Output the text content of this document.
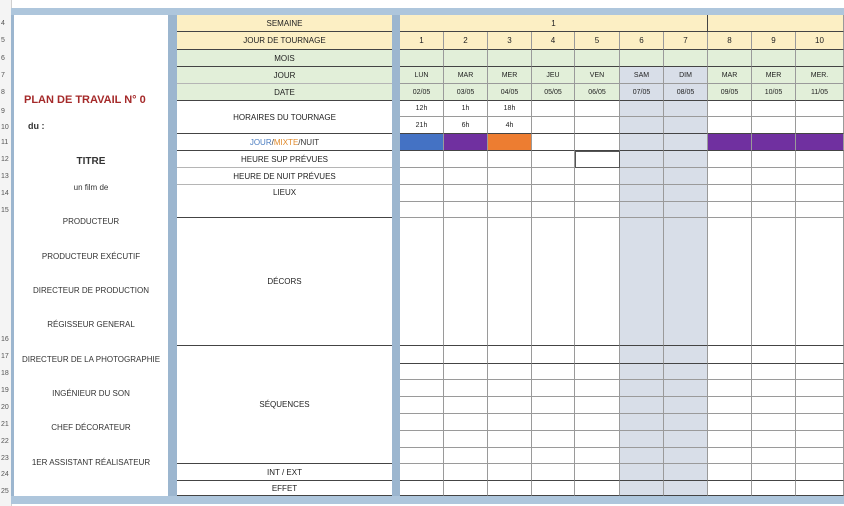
4
5
6
7
8
9
10
11
12
13
14
15
16
17
18
19
20
21
22
23
24
25
PLAN DE TRAVAIL N° 0
du :
TITRE
un film de
PRODUCTEUR
PRODUCTEUR EXÉCUTIF
DIRECTEUR DE PRODUCTION
RÉGISSEUR GENERAL
DIRECTEUR DE LA PHOTOGRAPHIE
INGÉNIEUR DU SON
CHEF DÉCORATEUR
1ER ASSISTANT RÉALISATEUR
SEMAINE
JOUR DE TOURNAGE
MOIS
JOUR
DATE
HORAIRES DU TOURNAGE
JOUR / MIXTE / NUIT
HEURE SUP PRÉVUES
HEURE DE NUIT PRÉVUES
LIEUX
DÉCORS
SÉQUENCES
INT / EXT
EFFET
1
1
LUN
02/05
12h
21h
2
MAR
03/05
1h
6h
3
MER
04/05
18h
4h
4
JEU
05/05
5
VEN
06/05
6
SAM
07/05
7
DIM
08/05
8
MAR
09/05
9
MER
10/05
10
MER.
11/05
